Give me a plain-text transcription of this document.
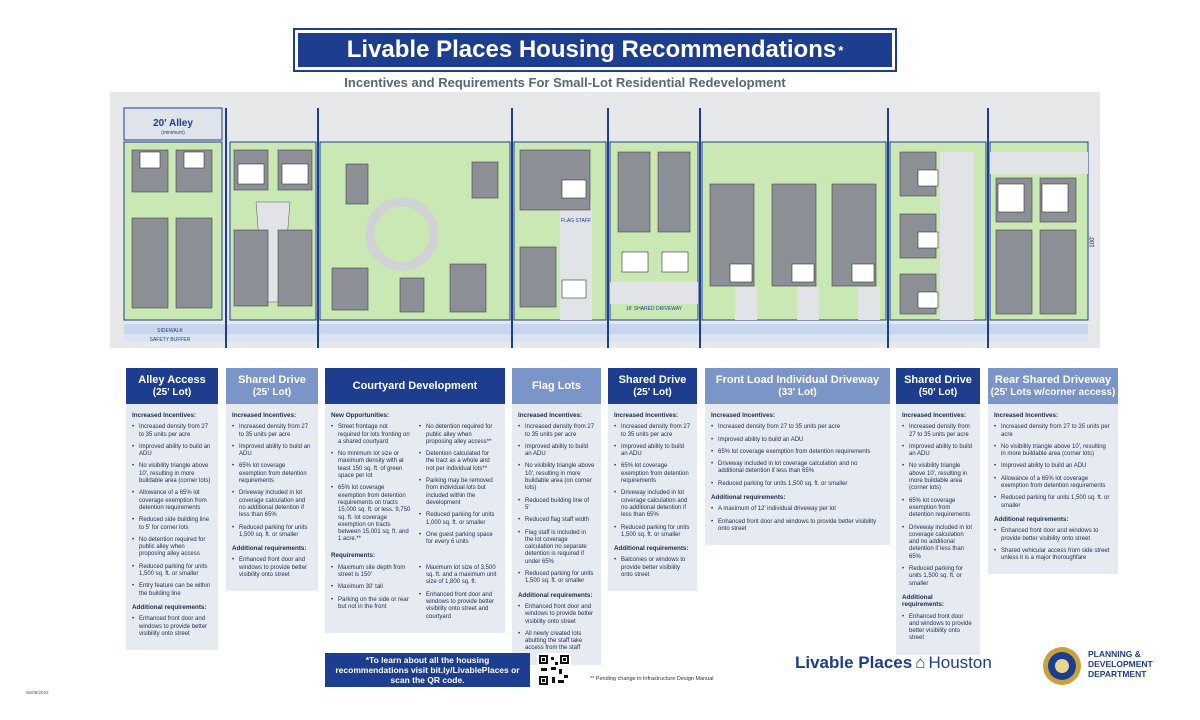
Livable Places Housing Recommendations *
Incentives and Requirements For Small-Lot Residential Redevelopment
20' Alley
(minimum)
SIDEWALK
SAFETY BUFFER
FLAG STAFF
16' SHARED DRIVEWAY
100'
Alley Access
(25' Lot)
Increased Incentives:
• Increased density from 27 to 35 units per acre
• Improved ability to build an ADU
• No visibility triangle above 10', resulting in more buildable area (corner lots)
• Allowance of a 65% lot coverage exemption from detention requirements
• Reduced side building line to 5' for corner lots
• No detention required for public alley when proposing alley access
• Reduced parking for units 1,500 sq. ft. or smaller
• Entry feature can be within the building line
Additional requirements:
• Enhanced front door and windows to provide better visibility onto street
Shared Drive
(25' Lot)
Increased Incentives:
• Increased density from 27 to 35 units per acre
• Improved ability to build an ADU
• 65% lot coverage exemption from detention requirements
• Driveway included in lot coverage calculation and no additional detention if less than 65%
• Reduced parking for units 1,500 sq. ft. or smaller
Additional requirements:
• Enhanced front door and windows to provide better visibility onto street
Courtyard Development
New Opportunities:
• Street frontage not required for lots fronting on a shared courtyard
• No minimum lot size or maximum density with at least 150 sq. ft. of green space per lot
• 65% lot coverage exemption from detention requirements on tracts 15,000 sq. ft. or less. 9,750 sq. ft. lot coverage exemption on tracts between 15,001 sq. ft. and 1 acre.**
• No detention required for public alley when proposing alley access**
• Detention calculated for the tract as a whole and not per individual lots**
• Parking may be removed from individual lots but included within the development
• Reduced parking for units 1,000 sq. ft. or smaller
• One guest parking space for every 6 units
Requirements:
• Maximum site depth from street is 150'
• Maximum 30' tall
• Parking on the side or rear but not in the front
• Maximum lot size of 3,500 sq. ft. and a maximum unit size of 1,800 sq. ft.
• Enhanced front door and windows to provide better visibility onto street and courtyard
Flag Lots
Increased Incentives:
• Increased density from 27 to 35 units per acre
• Improved ability to build an ADU
• No visibility triangle above 10', resulting in more buildable area (on corner lots)
• Reduced building line of 5'
• Reduced flag staff width
• Flag staff is included in the lot coverage calculation no separate detention is required if under 65%
• Reduced parking for units 1,500 sq. ft. or smaller
Additional requirements:
• Enhanced front door and windows to provide better visibility onto street
• All newly created lots abutting the staff take access from the staff
Shared Drive
(25' Lot)
Increased Incentives:
• Increased density from 27 to 35 units per acre
• Improved ability to build an ADU
• 65% lot coverage exemption from detention requirements
• Driveway included in lot coverage calculation and no additional detention if less than 65%
• Reduced parking for units 1,500 sq. ft. or smaller
Additional requirements:
• Balconies or windows to provide better visibility onto street
Front Load Individual Driveway
(33' Lot)
Increased Incentives:
• Increased density from 27 to 35 units per acre
• Improved ability to build an ADU
• 65% lot coverage exemption from detention requirements
• Driveway included in lot coverage calculation and no additional detention if less than 65%
• Reduced parking for units 1,500 sq. ft. or smaller
Additional requirements:
• A maximum of 12' individual driveway per lot
• Enhanced front door and windows to provide better visibility onto street
Shared Drive
(50' Lot)
Increased Incentives:
• Increased density from 27 to 35 units per acre
• Improved ability to build an ADU
• No visibility triangle above 10', resulting in more buildable area (corner lots)
• 65% lot coverage exemption from detention requirements
• Driveway included in lot coverage calculation and no additional detention if less than 65%
• Reduced parking for units 1,500 sq. ft. or smaller
Additional requirements:
• Enhanced front door and windows to provide better visibility onto street
Rear Shared Driveway
(25' Lots w/corner access)
Increased Incentives:
• Increased density from 27 to 35 units per acre
• No visibility triangle above 10', resulting in more buildable area (corner lots)
• Improved ability to build an ADU
• Allowance of a 65% lot coverage exemption from detention requirements
• Reduced parking for units 1,500 sq. ft. or smaller
Additional requirements:
• Enhanced front door and windows to provide better visibility onto street
• Shared vehicular access from side street unless it is a major thoroughfare
*To learn about all the housing recommendations visit bit.ly/LivablePlaces or scan the QR code.	** Pending change in Infrastructure Design Manual
Livable Places ⌂ Houston	PLANNING &
DEVELOPMENT
DEPARTMENT
06/08/2023
